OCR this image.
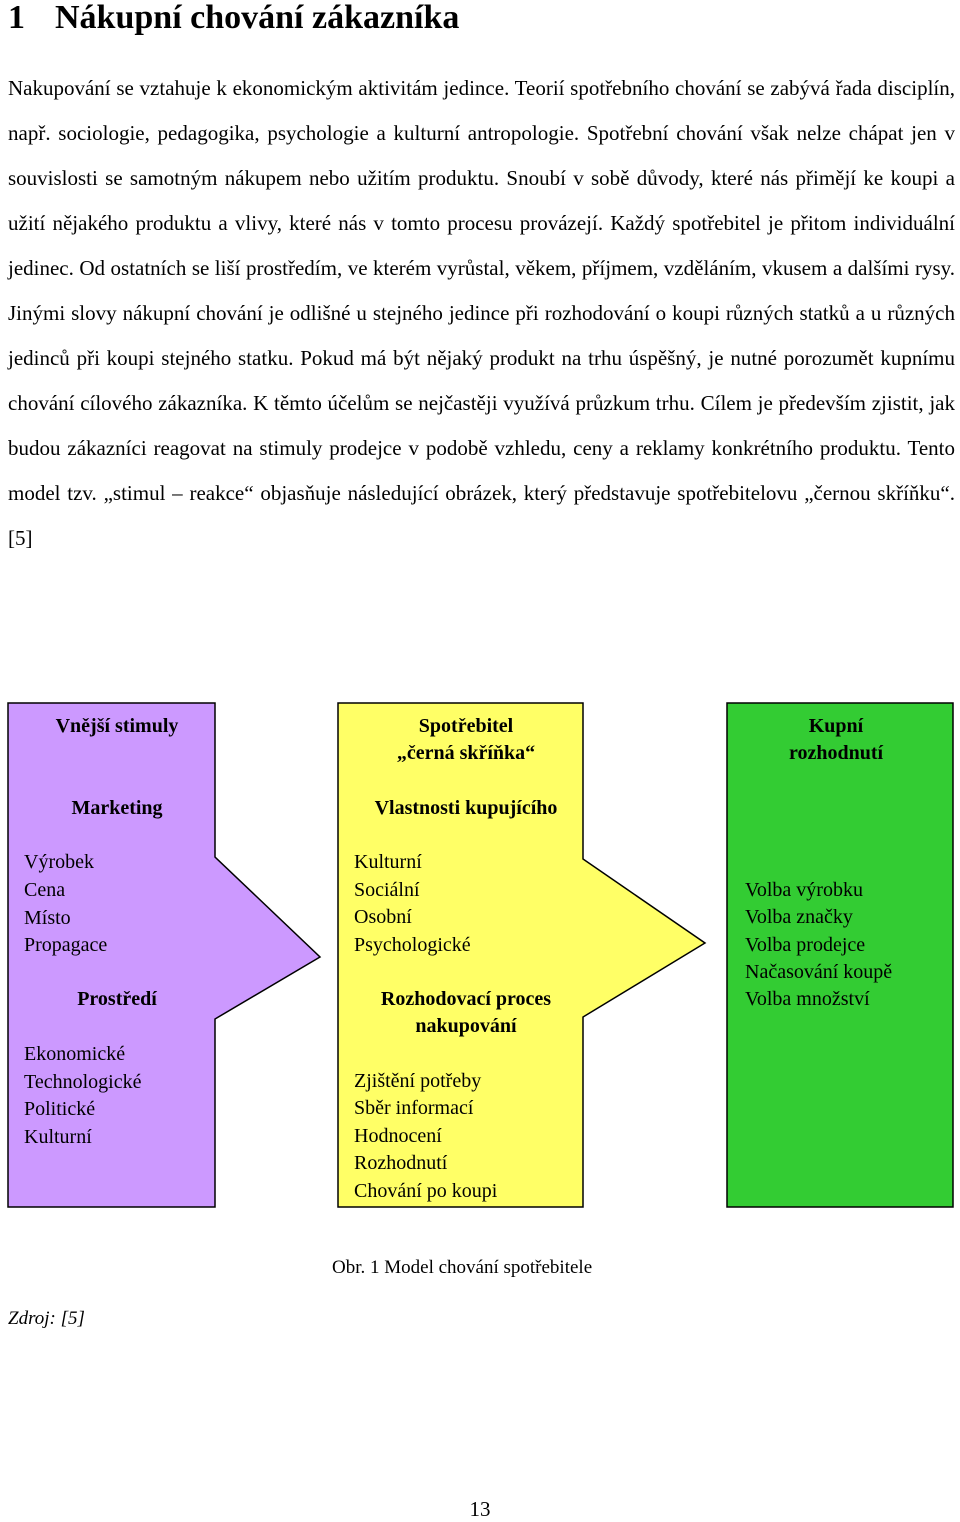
1 Nákupní chování zákazníka

Nakupování se vztahuje k ekonomickým aktivitám jedince. Teorií spotřebního chování se zabývá řada disciplín, např. sociologie, pedagogika, psychologie a kulturní antropologie. Spotřební chování však nelze chápat jen v souvislosti se samotným nákupem nebo užitím produktu. Snoubí v sobě důvody, které nás přimějí ke koupi a užití nějakého produktu a vlivy, které nás v tomto procesu provázejí. Každý spotřebitel je přitom individuální jedinec. Od ostatních se liší prostředím, ve kterém vyrůstal, věkem, příjmem, vzděláním, vkusem a dalšími rysy. Jinými slovy nákupní chování je odlišné u stejného jedince při rozhodování o koupi různých statků a u různých jedinců při koupi stejného statku. Pokud má být nějaký produkt na trhu úspěšný, je nutné porozumět kupnímu chování cílového zákazníka. K těmto účelům se nejčastěji využívá průzkum trhu. Cílem je především zjistit, jak budou zákazníci reagovat na stimuly prodejce v podobě vzhledu, ceny a reklamy konkrétního produktu. Tento model tzv. „stimul – reakce“ objasňuje následující obrázek, který představuje spotřebitelovu „černou skříňku“. [5]

Vnější stimuly
Marketing
Výrobek
Cena
Místo
Propagace
Prostředí
Ekonomické
Technologické
Politické
Kulturní
Spotřebitel
„černá skříňka“
Vlastnosti kupujícího
Kulturní
Sociální
Osobní
Psychologické
Rozhodovací proces
nakupování
Zjištění potřeby
Sběr informací
Hodnocení
Rozhodnutí
Chování po koupi
Kupní
rozhodnutí
Volba výrobku
Volba značky
Volba prodejce
Načasování koupě
Volba množství

Obr. 1 Model chování spotřebitele

Zdroj: [5]

13
